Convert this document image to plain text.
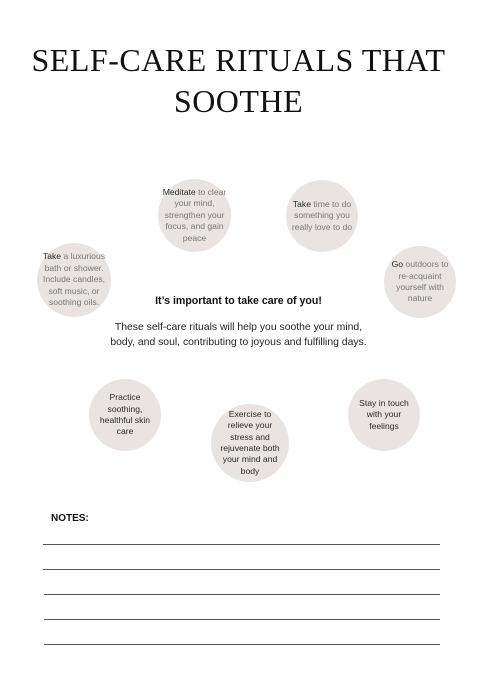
SELF-CARE RITUALS THAT
SOOTHE
Meditate to clear your mind, strengthen your focus, and gain peace
Take time to do something you really love to do
Take a luxurious bath or shower. Include candles, soft music, or soothing oils.
Go outdoors to re-acquaint yourself with nature
Practice soothing, healthful skin care
Exercise to relieve your stress and rejuvenate both your mind and body
Stay in touch with your feelings
It’s important to take care of you!
These self-care rituals will help you soothe your mind, body, and soul, contributing to joyous and fulfilling days.
NOTES:
